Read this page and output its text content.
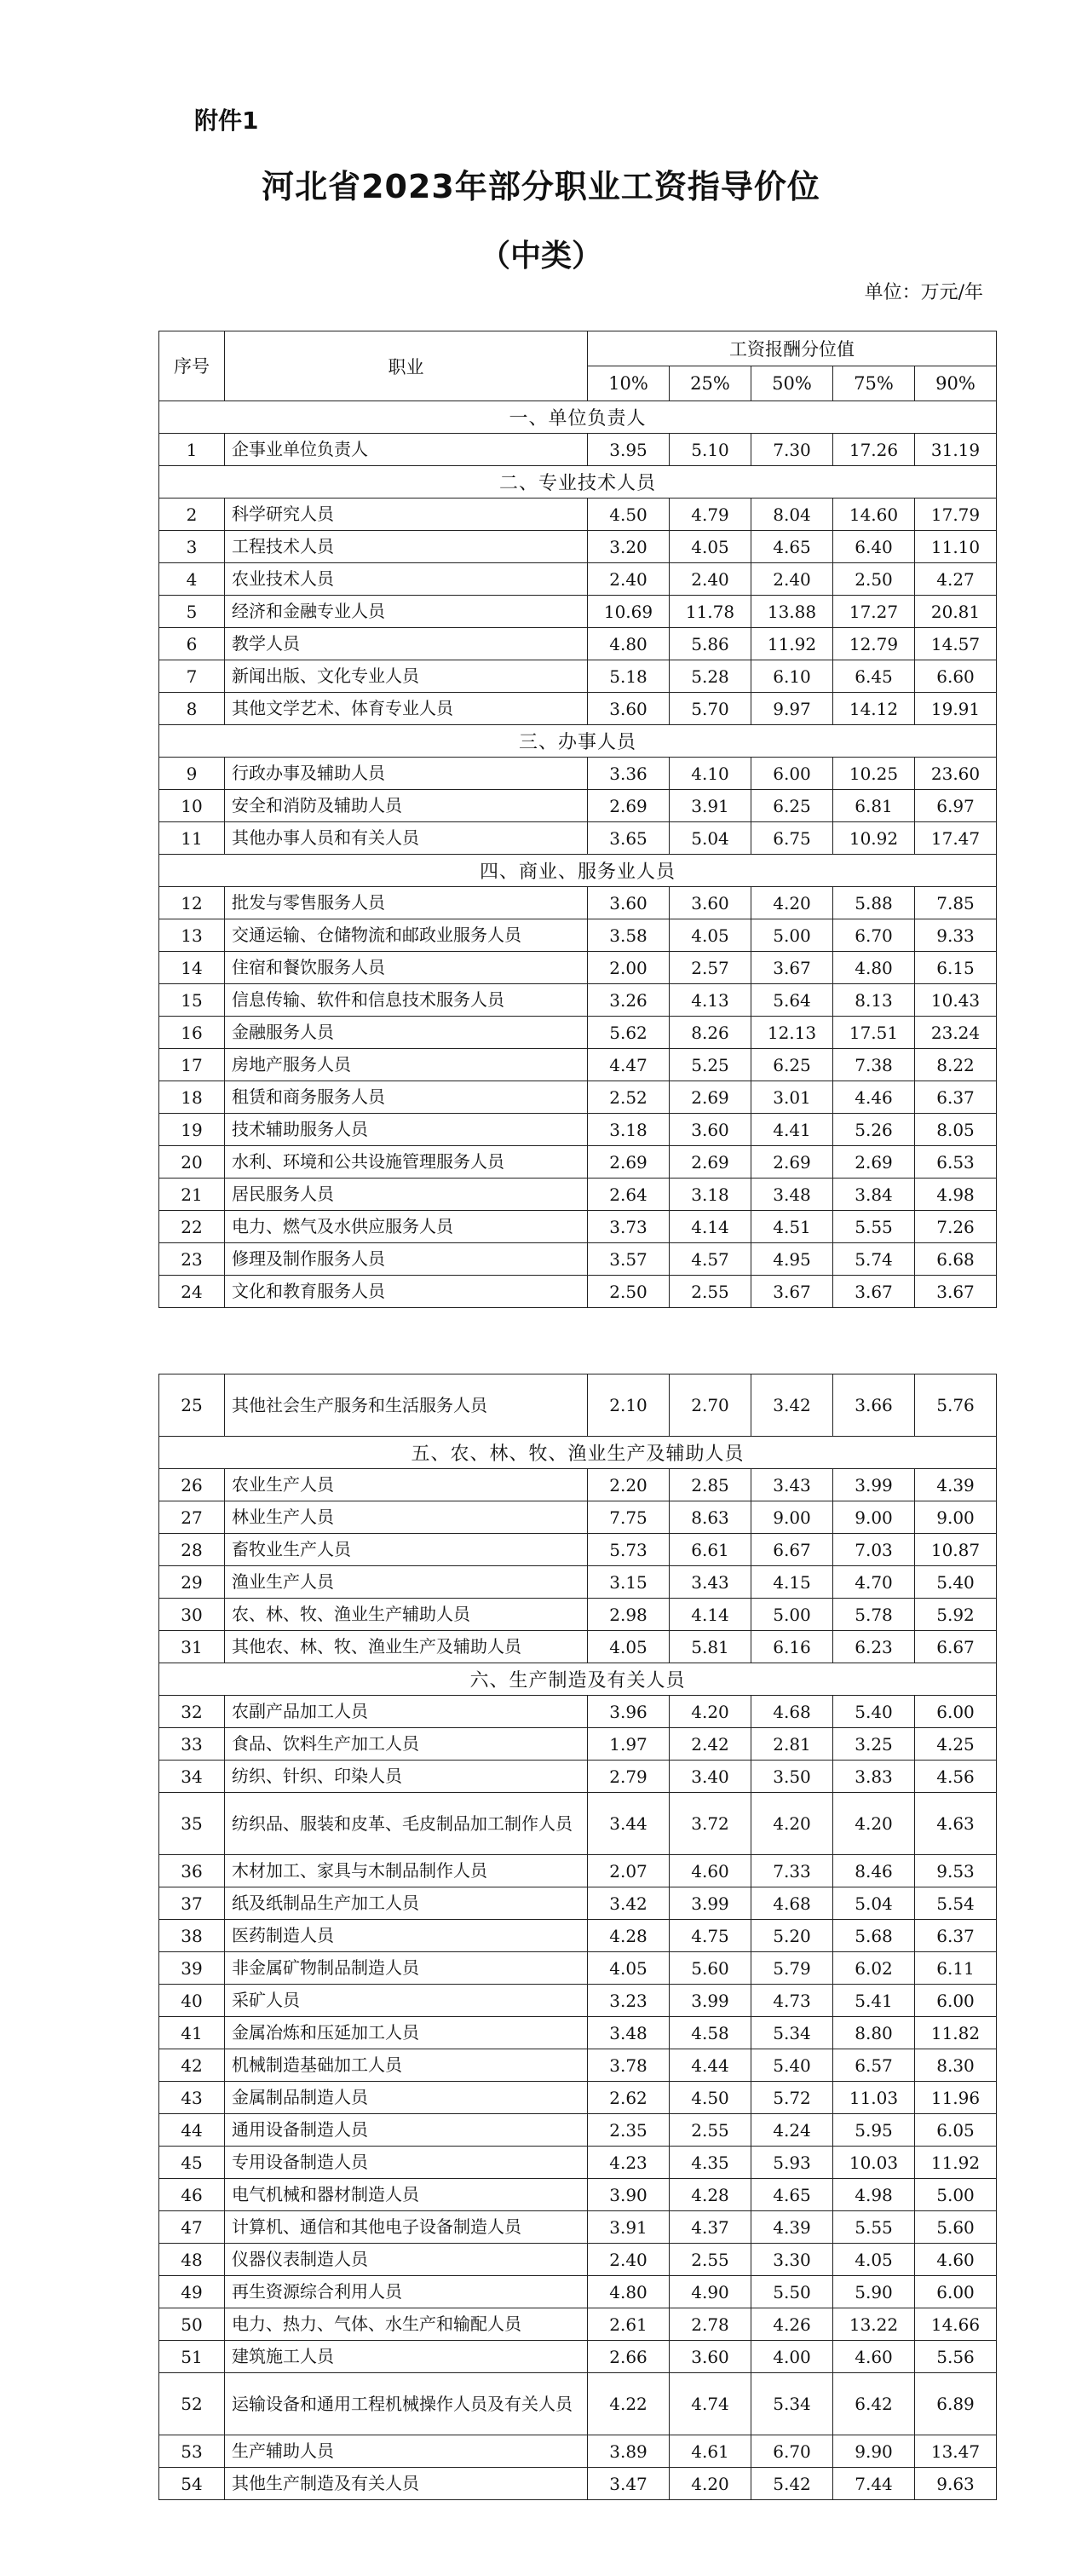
附件1
河北省2023年部分职业工资指导价位
（中类）
单位：万元/年
序号	职业	工资报酬分位值				
		10%	25%	50%	75%	90%
一、单位负责人						
1	企事业单位负责人	3.95	5.10	7.30	17.26	31.19
二、专业技术人员						
2	科学研究人员	4.50	4.79	8.04	14.60	17.79
3	工程技术人员	3.20	4.05	4.65	6.40	11.10
4	农业技术人员	2.40	2.40	2.40	2.50	4.27
5	经济和金融专业人员	10.69	11.78	13.88	17.27	20.81
6	教学人员	4.80	5.86	11.92	12.79	14.57
7	新闻出版、文化专业人员	5.18	5.28	6.10	6.45	6.60
8	其他文学艺术、体育专业人员	3.60	5.70	9.97	14.12	19.91
三、办事人员						
9	行政办事及辅助人员	3.36	4.10	6.00	10.25	23.60
10	安全和消防及辅助人员	2.69	3.91	6.25	6.81	6.97
11	其他办事人员和有关人员	3.65	5.04	6.75	10.92	17.47
四、商业、服务业人员						
12	批发与零售服务人员	3.60	3.60	4.20	5.88	7.85
13	交通运输、仓储物流和邮政业服务人员	3.58	4.05	5.00	6.70	9.33
14	住宿和餐饮服务人员	2.00	2.57	3.67	4.80	6.15
15	信息传输、软件和信息技术服务人员	3.26	4.13	5.64	8.13	10.43
16	金融服务人员	5.62	8.26	12.13	17.51	23.24
17	房地产服务人员	4.47	5.25	6.25	7.38	8.22
18	租赁和商务服务人员	2.52	2.69	3.01	4.46	6.37
19	技术辅助服务人员	3.18	3.60	4.41	5.26	8.05
20	水利、环境和公共设施管理服务人员	2.69	2.69	2.69	2.69	6.53
21	居民服务人员	2.64	3.18	3.48	3.84	4.98
22	电力、燃气及水供应服务人员	3.73	4.14	4.51	5.55	7.26
23	修理及制作服务人员	3.57	4.57	4.95	5.74	6.68
24	文化和教育服务人员	2.50	2.55	3.67	3.67	3.67
25	其他社会生产服务和生活服务人员	2.10	2.70	3.42	3.66	5.76
五、农、林、牧、渔业生产及辅助人员						
26	农业生产人员	2.20	2.85	3.43	3.99	4.39
27	林业生产人员	7.75	8.63	9.00	9.00	9.00
28	畜牧业生产人员	5.73	6.61	6.67	7.03	10.87
29	渔业生产人员	3.15	3.43	4.15	4.70	5.40
30	农、林、牧、渔业生产辅助人员	2.98	4.14	5.00	5.78	5.92
31	其他农、林、牧、渔业生产及辅助人员	4.05	5.81	6.16	6.23	6.67
六、生产制造及有关人员						
32	农副产品加工人员	3.96	4.20	4.68	5.40	6.00
33	食品、饮料生产加工人员	1.97	2.42	2.81	3.25	4.25
34	纺织、针织、印染人员	2.79	3.40	3.50	3.83	4.56
35	纺织品、服装和皮革、毛皮制品加工制作人员	3.44	3.72	4.20	4.20	4.63
36	木材加工、家具与木制品制作人员	2.07	4.60	7.33	8.46	9.53
37	纸及纸制品生产加工人员	3.42	3.99	4.68	5.04	5.54
38	医药制造人员	4.28	4.75	5.20	5.68	6.37
39	非金属矿物制品制造人员	4.05	5.60	5.79	6.02	6.11
40	采矿人员	3.23	3.99	4.73	5.41	6.00
41	金属冶炼和压延加工人员	3.48	4.58	5.34	8.80	11.82
42	机械制造基础加工人员	3.78	4.44	5.40	6.57	8.30
43	金属制品制造人员	2.62	4.50	5.72	11.03	11.96
44	通用设备制造人员	2.35	2.55	4.24	5.95	6.05
45	专用设备制造人员	4.23	4.35	5.93	10.03	11.92
46	电气机械和器材制造人员	3.90	4.28	4.65	4.98	5.00
47	计算机、通信和其他电子设备制造人员	3.91	4.37	4.39	5.55	5.60
48	仪器仪表制造人员	2.40	2.55	3.30	4.05	4.60
49	再生资源综合利用人员	4.80	4.90	5.50	5.90	6.00
50	电力、热力、气体、水生产和输配人员	2.61	2.78	4.26	13.22	14.66
51	建筑施工人员	2.66	3.60	4.00	4.60	5.56
52	运输设备和通用工程机械操作人员及有关人员	4.22	4.74	5.34	6.42	6.89
53	生产辅助人员	3.89	4.61	6.70	9.90	13.47
54	其他生产制造及有关人员	3.47	4.20	5.42	7.44	9.63
